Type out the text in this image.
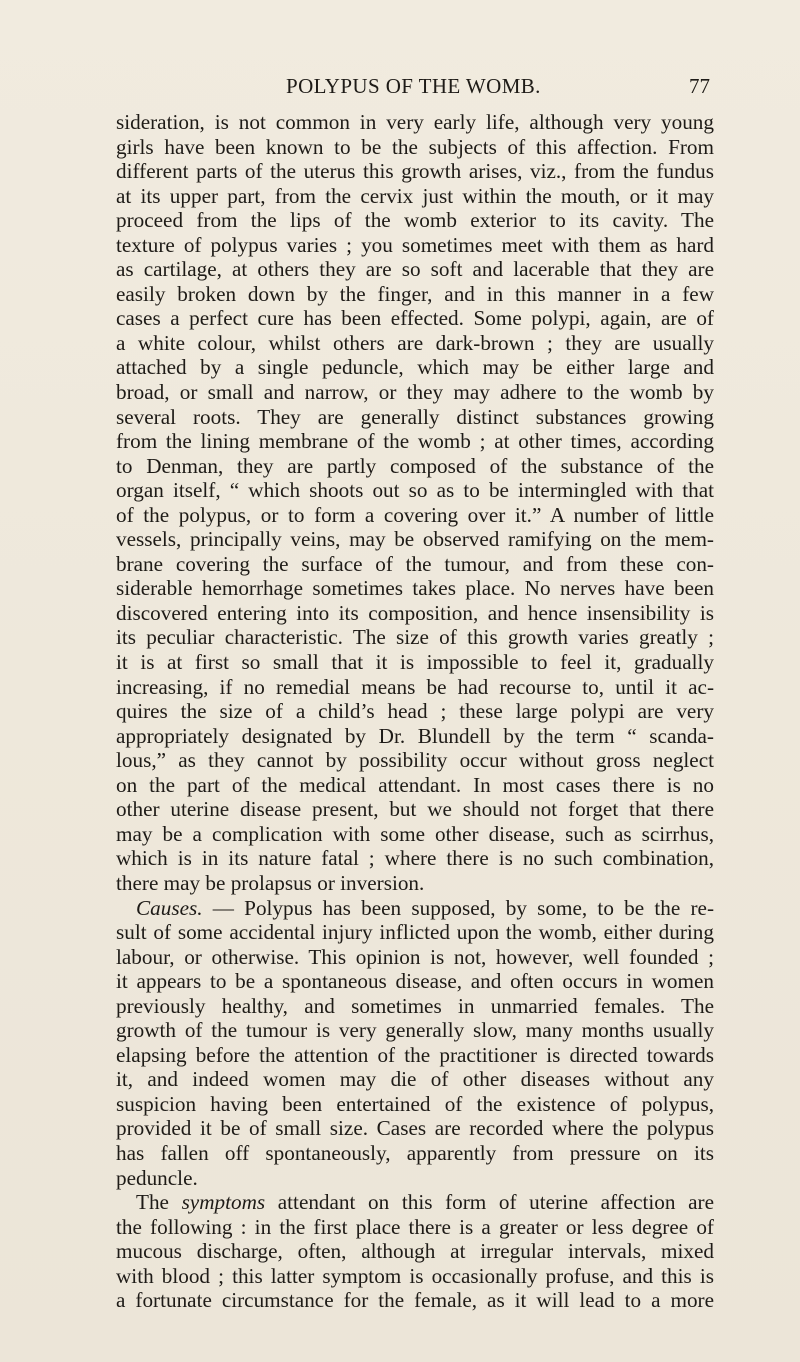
POLYPUS OF THE WOMB.	77
sideration, is not common in very early life, although very young
girls have been known to be the subjects of this affection. From
different parts of the uterus this growth arises, viz., from the fundus
at its upper part, from the cervix just within the mouth, or it may
proceed from the lips of the womb exterior to its cavity. The
texture of polypus varies ; you sometimes meet with them as hard
as cartilage, at others they are so soft and lacerable that they are
easily broken down by the finger, and in this manner in a few
cases a perfect cure has been effected. Some polypi, again, are of
a white colour, whilst others are dark-brown ; they are usually
attached by a single peduncle, which may be either large and
broad, or small and narrow, or they may adhere to the womb by
several roots. They are generally distinct substances growing
from the lining membrane of the womb ; at other times, according
to Denman, they are partly composed of the substance of the
organ itself, “ which shoots out so as to be intermingled with that
of the polypus, or to form a covering over it.” A number of little
vessels, principally veins, may be observed ramifying on the mem-
brane covering the surface of the tumour, and from these con-
siderable hemorrhage sometimes takes place. No nerves have been
discovered entering into its composition, and hence insensibility is
its peculiar characteristic. The size of this growth varies greatly ;
it is at first so small that it is impossible to feel it, gradually
increasing, if no remedial means be had recourse to, until it ac-
quires the size of a child’s head ; these large polypi are very
appropriately designated by Dr. Blundell by the term “ scanda-
lous,” as they cannot by possibility occur without gross neglect
on the part of the medical attendant. In most cases there is no
other uterine disease present, but we should not forget that there
may be a complication with some other disease, such as scirrhus,
which is in its nature fatal ; where there is no such combination,
there may be prolapsus or inversion.
Causes. — Polypus has been supposed, by some, to be the re-
sult of some accidental injury inflicted upon the womb, either during
labour, or otherwise. This opinion is not, however, well founded ;
it appears to be a spontaneous disease, and often occurs in women
previously healthy, and sometimes in unmarried females. The
growth of the tumour is very generally slow, many months usually
elapsing before the attention of the practitioner is directed towards
it, and indeed women may die of other diseases without any
suspicion having been entertained of the existence of polypus,
provided it be of small size. Cases are recorded where the polypus
has fallen off spontaneously, apparently from pressure on its
peduncle.
The symptoms attendant on this form of uterine affection are
the following : in the first place there is a greater or less degree of
mucous discharge, often, although at irregular intervals, mixed
with blood ; this latter symptom is occasionally profuse, and this is
a fortunate circumstance for the female, as it will lead to a more
